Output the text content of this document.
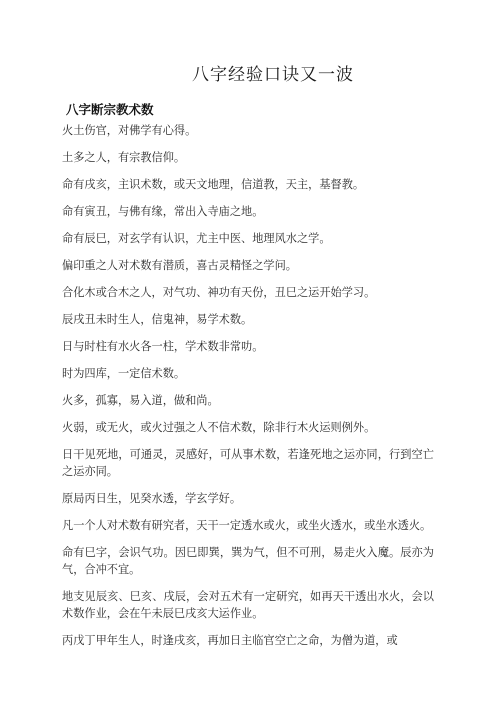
八字经验口诀又一波
八字断宗教术数

火土伤官，对佛学有心得。

土多之人，有宗教信仰。

命有戌亥，主识术数，或天文地理，信道教，天主，基督教。

命有寅丑，与佛有缘，常出入寺庙之地。

命有辰巳，对玄学有认识，尤主中医、地理风水之学。

偏印重之人对术数有潜质，喜古灵精怪之学问。

合化木或合木之人，对气功、神功有天份，丑巳之运开始学习。

辰戌丑未时生人，信鬼神，易学术数。

日与时柱有水火各一柱，学术数非常叻。

时为四库，一定信术数。

火多，孤寡，易入道，做和尚。

火弱，或无火，或火过强之人不信术数，除非行木火运则例外。

日干见死地，可通灵，灵感好，可从事术数，若逢死地之运亦同，行到空亡之运亦同。

原局丙日生，见癸水透，学玄学好。

凡一个人对术数有研究者，天干一定透水或火，或坐火透水，或坐水透火。

命有巳字，会识气功。因巳即巽，巽为气，但不可刑，易走火入魔。辰亦为气，合冲不宜。

地支见辰亥、巳亥、戌辰，会对五术有一定研究，如再天干透出水火，会以术数作业，会在午未辰巳戌亥大运作业。

丙戊丁甲年生人，时逢戌亥，再加日主临官空亡之命，为僧为道，或
